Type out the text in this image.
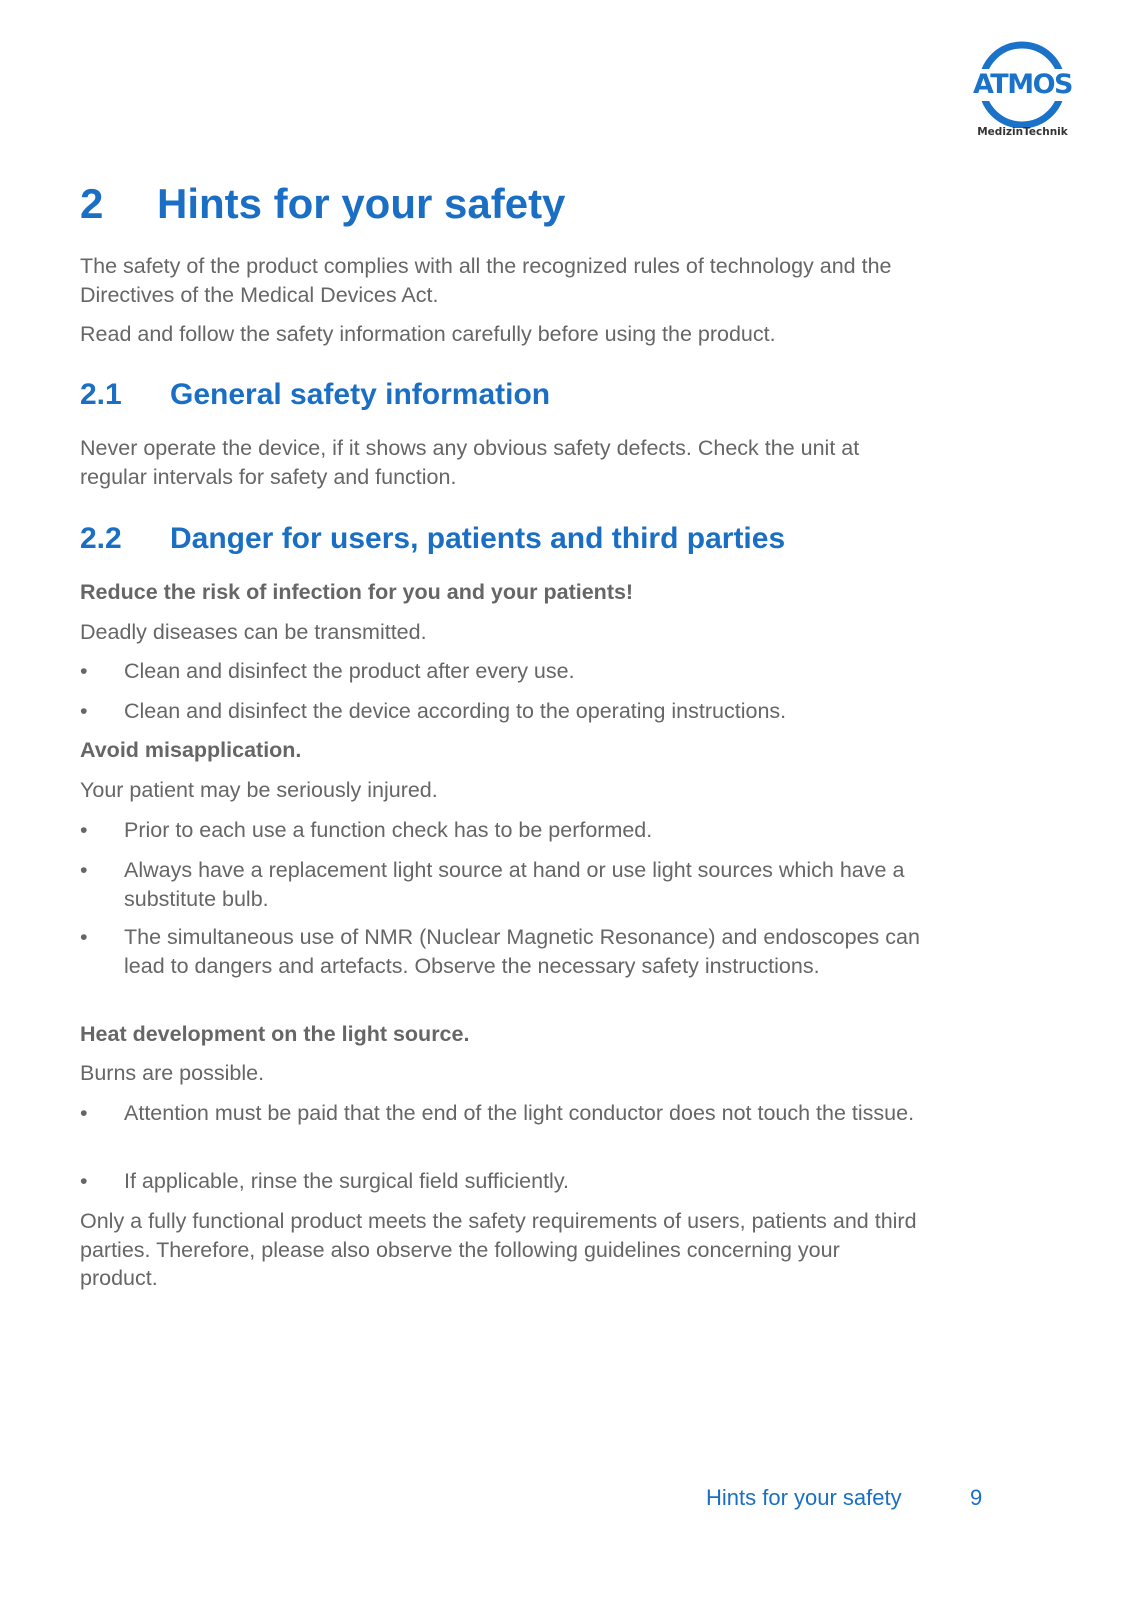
ATMOS
MedizinTechnik
2 Hints for your safety

The safety of the product complies with all the recognized rules of technology and the Directives of the Medical Devices Act.

Read and follow the safety information carefully before using the product.

2.1 General safety information

Never operate the device, if it shows any obvious safety defects. Check the unit at regular intervals for safety and function.

2.2 Danger for users, patients and third parties

Reduce the risk of infection for you and your patients!

Deadly diseases can be transmitted.

•	Clean and disinfect the product after every use.
•	Clean and disinfect the device according to the operating instructions.

Avoid misapplication.

Your patient may be seriously injured.

•	Prior to each use a function check has to be performed.
•	Always have a replacement light source at hand or use light sources which have a substitute bulb.
•	The simultaneous use of NMR (Nuclear Magnetic Resonance) and endoscopes can lead to dangers and artefacts. Observe the necessary safety instructions.

Heat development on the light source.

Burns are possible.

•	Attention must be paid that the end of the light conductor does not touch the tissue.
•	If applicable, rinse the surgical field sufficiently.

Only a fully functional product meets the safety requirements of users, patients and third parties. Therefore, please also observe the following guidelines concerning your product.

Hints for your safety	9
